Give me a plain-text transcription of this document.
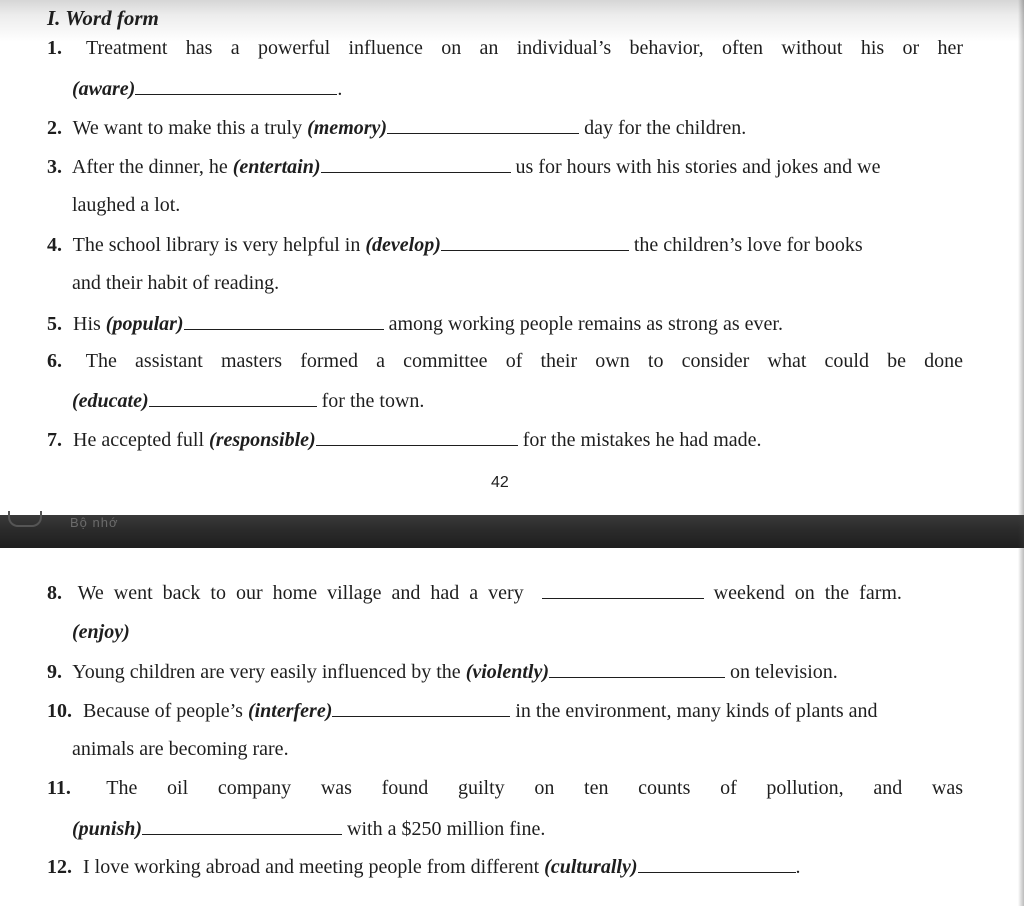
I. Word form
1. Treatment has a powerful influence on an individual’s behavior, often without his or her
(aware)	.
2. We want to make this a truly (memory)	day for the children.
3. After the dinner, he (entertain)	us for hours with his stories and jokes and we
laughed a lot.
4. The school library is very helpful in (develop)	the children’s love for books
and their habit of reading.
5. His (popular)	among working people remains as strong as ever.
6. The assistant masters formed a committee of their own to consider what could be done
(educate)	for the town.
7. He accepted full (responsible)	for the mistakes he had made.
42
Bộ nhớ
8. We went back to our home village and had a very	weekend on the farm.
(enjoy)
9. Young children are very easily influenced by the (violently)	on television.
10. Because of people’s (interfere)	in the environment, many kinds of plants and
animals are becoming rare.
11. The oil company was found guilty on ten counts of pollution, and was
(punish)	with a $250 million fine.
12. I love working abroad and meeting people from different (culturally)	.
